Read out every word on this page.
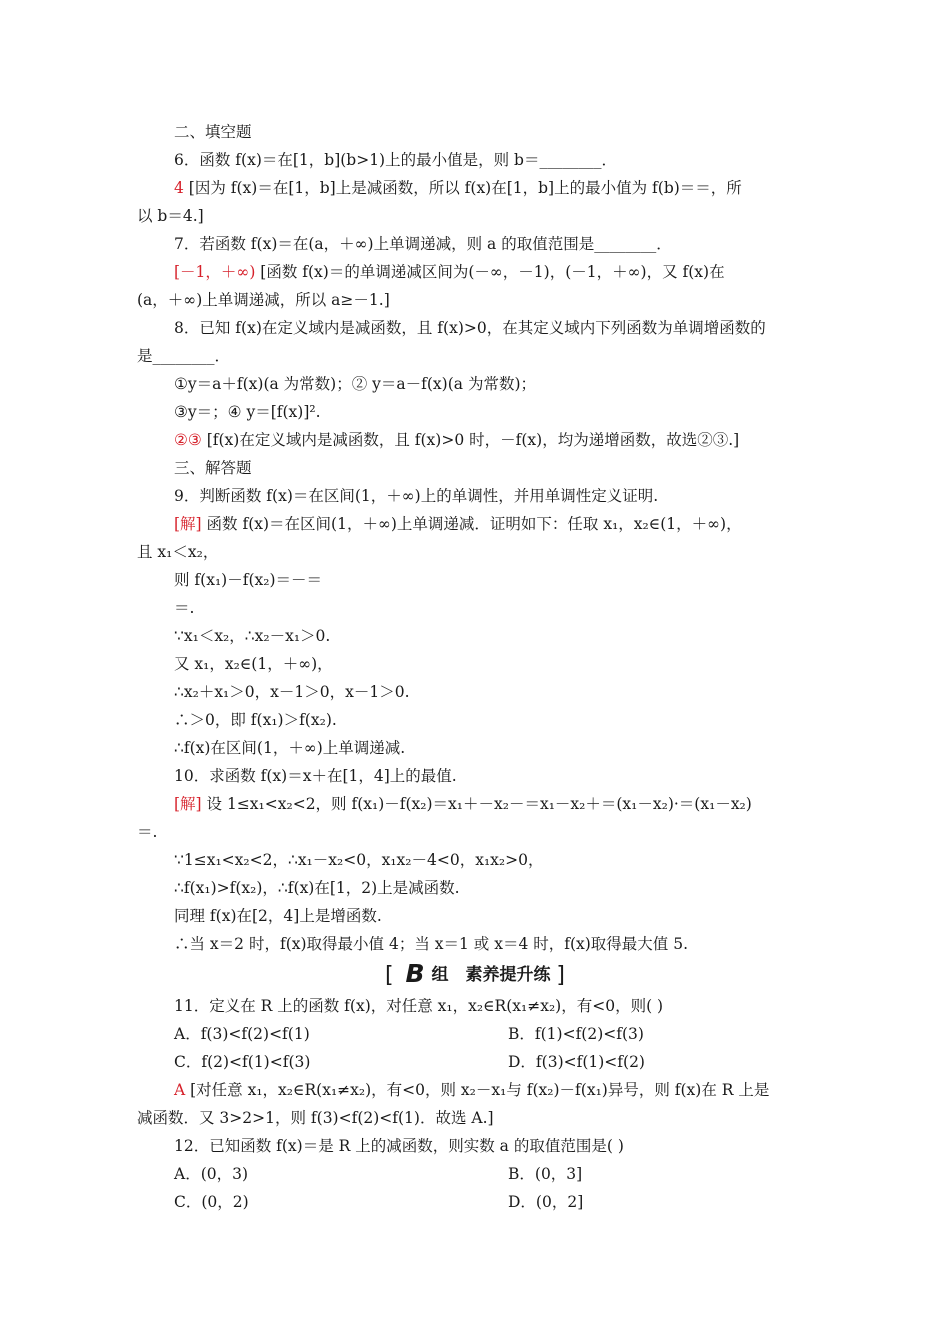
二、填空题
6．函数 f(x)＝在[1，b](b>1)上的最小值是，则 b＝________．
4 [因为 f(x)＝在[1，b]上是减函数，所以 f(x)在[1，b]上的最小值为 f(b)＝＝，所
以 b＝4.]
7．若函数 f(x)＝在(a，＋∞)上单调递减，则 a 的取值范围是________．
[－1，＋∞) [函数 f(x)＝的单调递减区间为(－∞，－1)，(－1，＋∞)，又 f(x)在
(a，＋∞)上单调递减，所以 a≥－1.]
8．已知 f(x)在定义域内是减函数，且 f(x)>0，在其定义域内下列函数为单调增函数的
是________．
①y＝a＋f(x)(a 为常数)；② y＝a－f(x)(a 为常数)；
③y＝；④ y＝[f(x)]².
②③ [f(x)在定义域内是减函数，且 f(x)>0 时，－f(x)，均为递增函数，故选②③.]
三、解答题
9．判断函数 f(x)＝在区间(1，＋∞)上的单调性，并用单调性定义证明.
[解] 函数 f(x)＝在区间(1，＋∞)上单调递减．证明如下：任取 x₁，x₂∈(1，＋∞)，
且 x₁＜x₂，
则 f(x₁)－f(x₂)＝－＝
＝.
∵x₁＜x₂，∴x₂－x₁＞0.
又 x₁，x₂∈(1，＋∞)，
∴x₂＋x₁＞0，x－1＞0，x－1＞0.
∴＞0，即 f(x₁)＞f(x₂).
∴f(x)在区间(1，＋∞)上单调递减.
10．求函数 f(x)＝x＋在[1，4]上的最值.
[解] 设 1≤x₁<x₂<2，则 f(x₁)－f(x₂)＝x₁＋－x₂－＝x₁－x₂＋＝(x₁－x₂)·＝(x₁－x₂)
＝.
∵1≤x₁<x₂<2，∴x₁－x₂<0，x₁x₂－4<0，x₁x₂>0，
∴f(x₁)>f(x₂)，∴f(x)在[1，2)上是减函数.
同理 f(x)在[2，4]上是增函数.
∴当 x＝2 时，f(x)取得最小值 4；当 x＝1 或 x＝4 时，f(x)取得最大值 5.
11．定义在 R 上的函数 f(x)，对任意 x₁，x₂∈R(x₁≠x₂)，有<0，则( )
A [对任意 x₁，x₂∈R(x₁≠x₂)，有<0，则 x₂－x₁与 f(x₂)－f(x₁)异号，则 f(x)在 R 上是
减函数．又 3>2>1，则 f(3)<f(2)<f(1)．故选 A.]
12．已知函数 f(x)＝是 R 上的减函数，则实数 a 的取值范围是( )
[ B 组　素养提升练 ]
A．f(3)<f(2)<f(1)	B．f(1)<f(2)<f(3)
C．f(2)<f(1)<f(3)	D．f(3)<f(1)<f(2)
A．(0，3)	B．(0，3]
C．(0，2)	D．(0，2]
